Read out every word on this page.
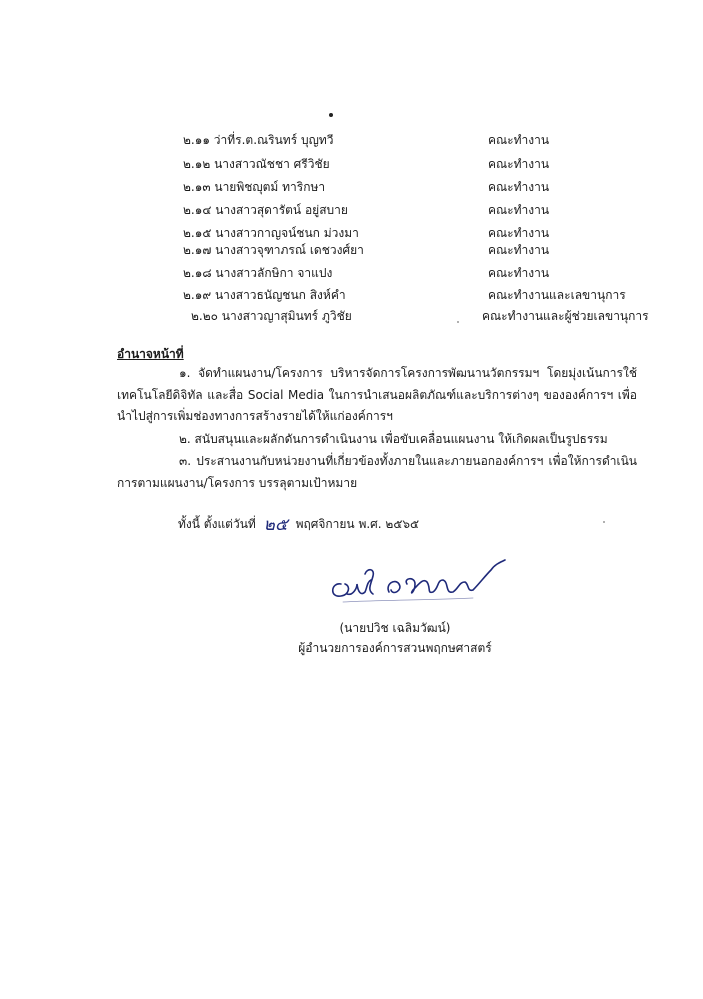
๒.๑๑ ว่าที่ร.ต.ณรินทร์ บุญทวี	คณะทำงาน
๒.๑๒ นางสาวณัชชา ศรีวิชัย	คณะทำงาน
๒.๑๓ นายพิชญุตม์ ทาริกษา	คณะทำงาน
๒.๑๔ นางสาวสุดารัตน์ อยู่สบาย	คณะทำงาน
๒.๑๕ นางสาวกาญจน์ชนก ม่วงมา	คณะทำงาน
๒.๑๗ นางสาวจุฑาภรณ์ เดชวงศ์ยา	คณะทำงาน
๒.๑๘ นางสาวลักษิกา จาแปง	คณะทำงาน
๒.๑๙ นางสาวธนัญชนก สิงห์คำ	คณะทำงานและเลขานุการ
๒.๒๐ นางสาวญาสุมินทร์ ภูวิชัย	คณะทำงานและผู้ช่วยเลขานุการ
อำนาจหน้าที่
๑. จัดทำแผนงาน/โครงการ บริหารจัดการโครงการพัฒนานวัตกรรมฯ โดยมุ่งเน้นการใช้เทคโนโลยีดิจิทัล และสื่อ Social Media ในการนำเสนอผลิตภัณฑ์และบริการต่างๆ ขององค์การฯ เพื่อนำไปสู่การเพิ่มช่องทางการสร้างรายได้ให้แก่องค์การฯ
๒. สนับสนุนและผลักดันการดำเนินงาน เพื่อขับเคลื่อนแผนงาน ให้เกิดผลเป็นรูปธรรม
๓. ประสานงานกับหน่วยงานที่เกี่ยวข้องทั้งภายในและภายนอกองค์การฯ เพื่อให้การดำเนินการตามแผนงาน/โครงการ บรรลุตามเป้าหมาย
ทั้งนี้ ตั้งแต่วันที่ ๒๕ พฤศจิกายน พ.ศ. ๒๕๖๕
(นายปวิช เฉลิมวัฒน์)
ผู้อำนวยการองค์การสวนพฤกษศาสตร์
